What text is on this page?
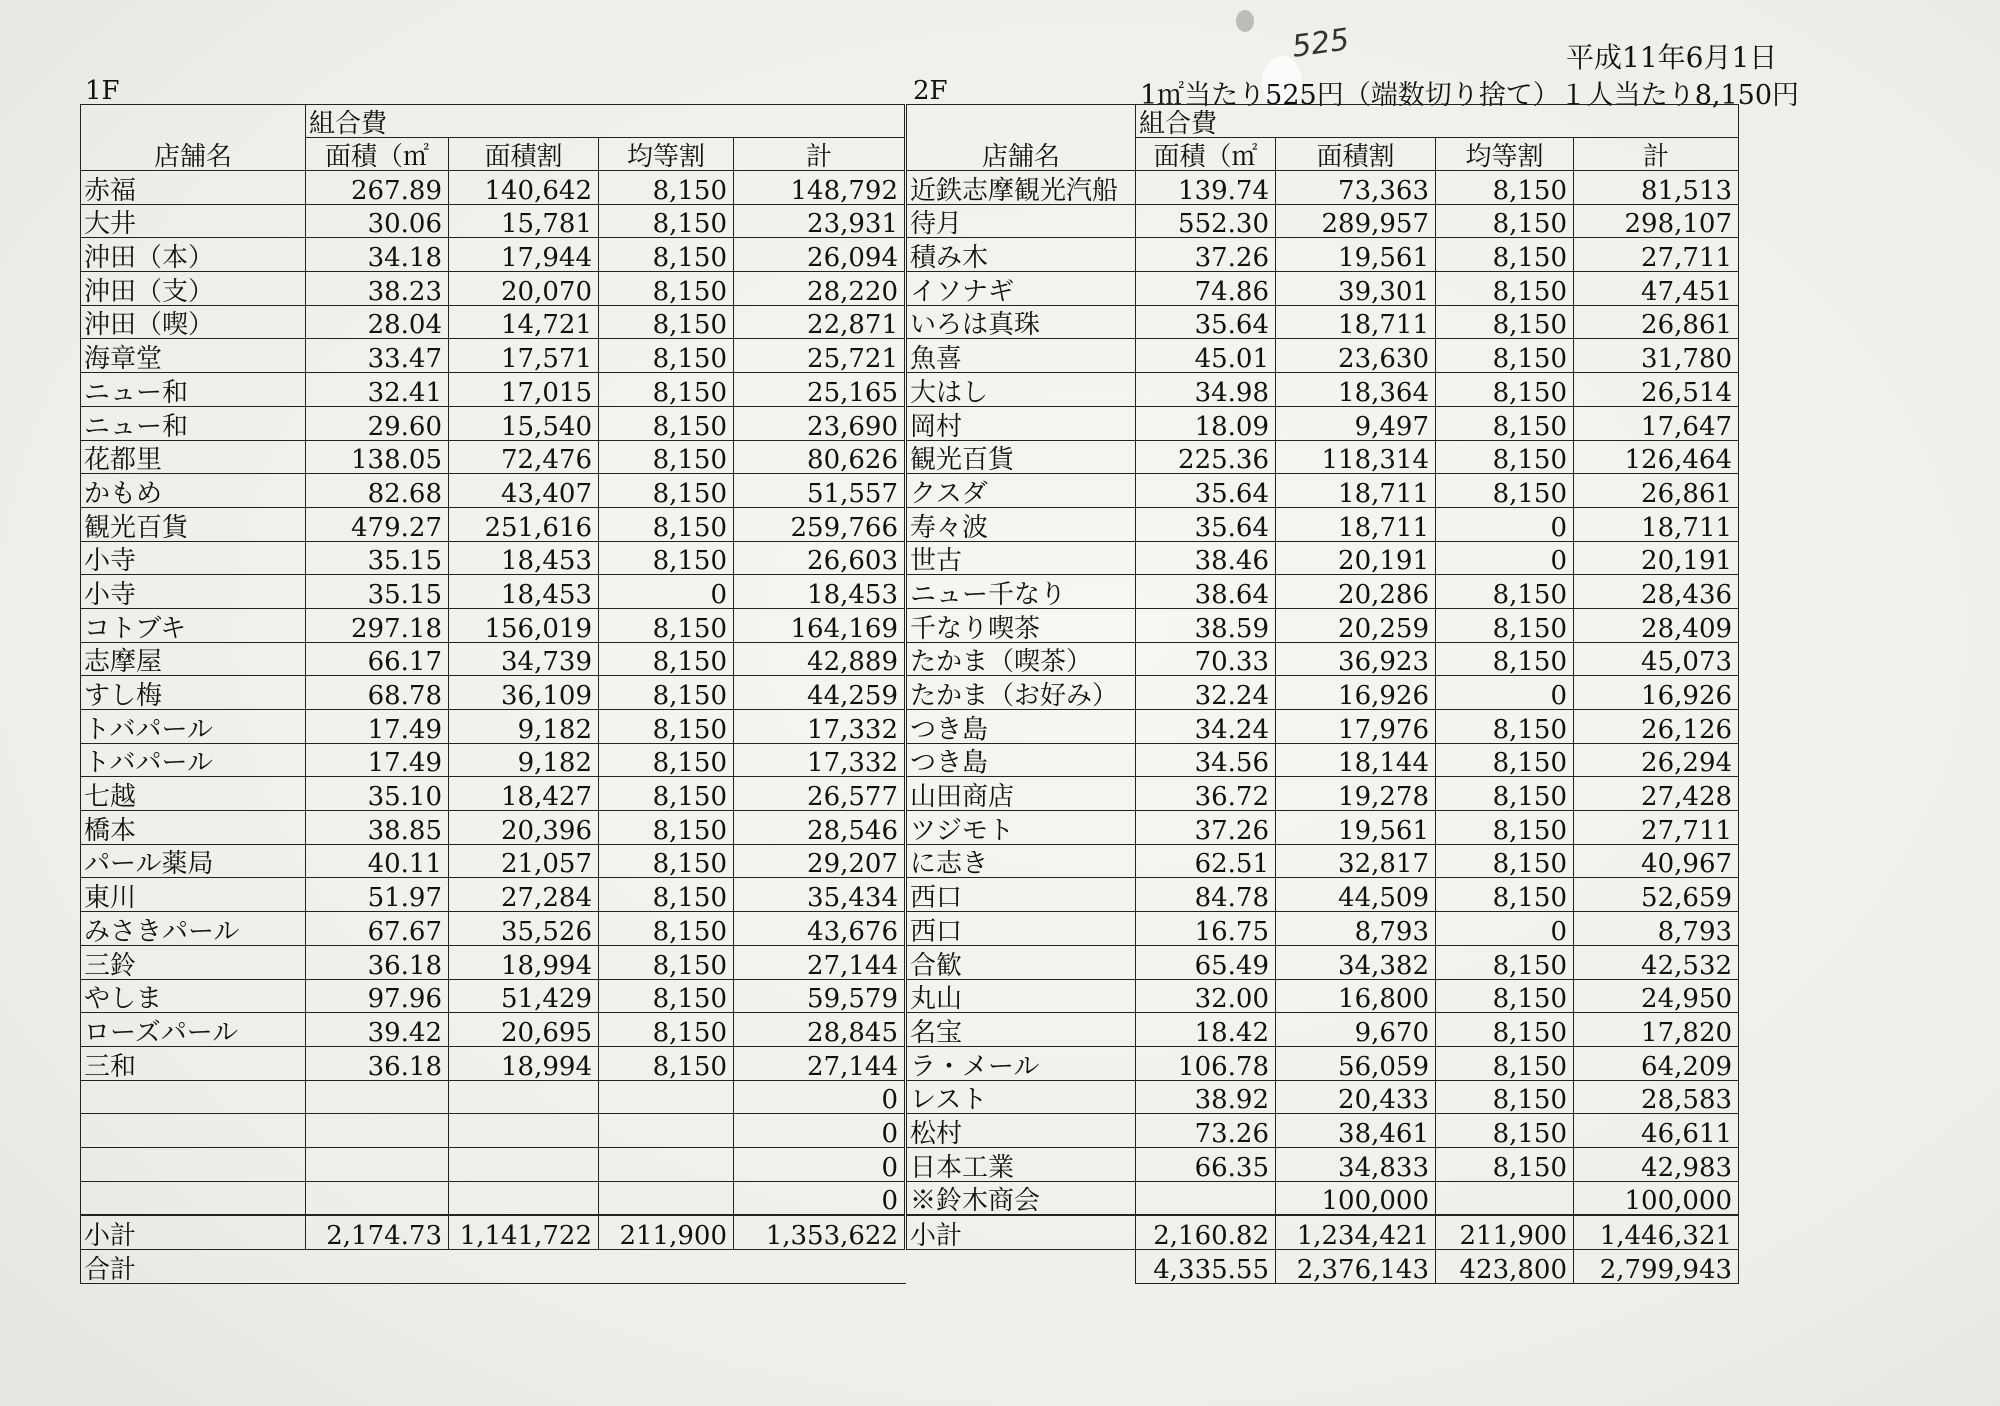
1F	2F
平成11年6月1日
1㎡当たり525円（端数切り捨て）１人当たり8,150円
525
店舗名	組合費				店舗名	組合費			
	面積（㎡	面積割	均等割	計		面積（㎡	面積割	均等割	計
赤福	267.89	140,642	8,150	148,792	近鉄志摩観光汽船	139.74	73,363	8,150	81,513
大井	30.06	15,781	8,150	23,931	待月	552.30	289,957	8,150	298,107
沖田（本）	34.18	17,944	8,150	26,094	積み木	37.26	19,561	8,150	27,711
沖田（支）	38.23	20,070	8,150	28,220	イソナギ	74.86	39,301	8,150	47,451
沖田（喫）	28.04	14,721	8,150	22,871	いろは真珠	35.64	18,711	8,150	26,861
海章堂	33.47	17,571	8,150	25,721	魚喜	45.01	23,630	8,150	31,780
ニュー和	32.41	17,015	8,150	25,165	大はし	34.98	18,364	8,150	26,514
ニュー和	29.60	15,540	8,150	23,690	岡村	18.09	9,497	8,150	17,647
花都里	138.05	72,476	8,150	80,626	観光百貨	225.36	118,314	8,150	126,464
かもめ	82.68	43,407	8,150	51,557	クスダ	35.64	18,711	8,150	26,861
観光百貨	479.27	251,616	8,150	259,766	寿々波	35.64	18,711	0	18,711
小寺	35.15	18,453	8,150	26,603	世古	38.46	20,191	0	20,191
小寺	35.15	18,453	0	18,453	ニュー千なり	38.64	20,286	8,150	28,436
コトブキ	297.18	156,019	8,150	164,169	千なり喫茶	38.59	20,259	8,150	28,409
志摩屋	66.17	34,739	8,150	42,889	たかま（喫茶）	70.33	36,923	8,150	45,073
すし梅	68.78	36,109	8,150	44,259	たかま（お好み）	32.24	16,926	0	16,926
トバパール	17.49	9,182	8,150	17,332	つき島	34.24	17,976	8,150	26,126
トバパール	17.49	9,182	8,150	17,332	つき島	34.56	18,144	8,150	26,294
七越	35.10	18,427	8,150	26,577	山田商店	36.72	19,278	8,150	27,428
橋本	38.85	20,396	8,150	28,546	ツジモト	37.26	19,561	8,150	27,711
パール薬局	40.11	21,057	8,150	29,207	に志き	62.51	32,817	8,150	40,967
東川	51.97	27,284	8,150	35,434	西口	84.78	44,509	8,150	52,659
みさきパール	67.67	35,526	8,150	43,676	西口	16.75	8,793	0	8,793
三鈴	36.18	18,994	8,150	27,144	合歓	65.49	34,382	8,150	42,532
やしま	97.96	51,429	8,150	59,579	丸山	32.00	16,800	8,150	24,950
ローズパール	39.42	20,695	8,150	28,845	名宝	18.42	9,670	8,150	17,820
三和	36.18	18,994	8,150	27,144	ラ・メール	106.78	56,059	8,150	64,209
				0	レスト	38.92	20,433	8,150	28,583
				0	松村	73.26	38,461	8,150	46,611
				0	日本工業	66.35	34,833	8,150	42,983
				0	※鈴木商会		100,000		100,000
小計	2,174.73	1,141,722	211,900	1,353,622	小計	2,160.82	1,234,421	211,900	1,446,321
合計						4,335.55	2,376,143	423,800	2,799,943
